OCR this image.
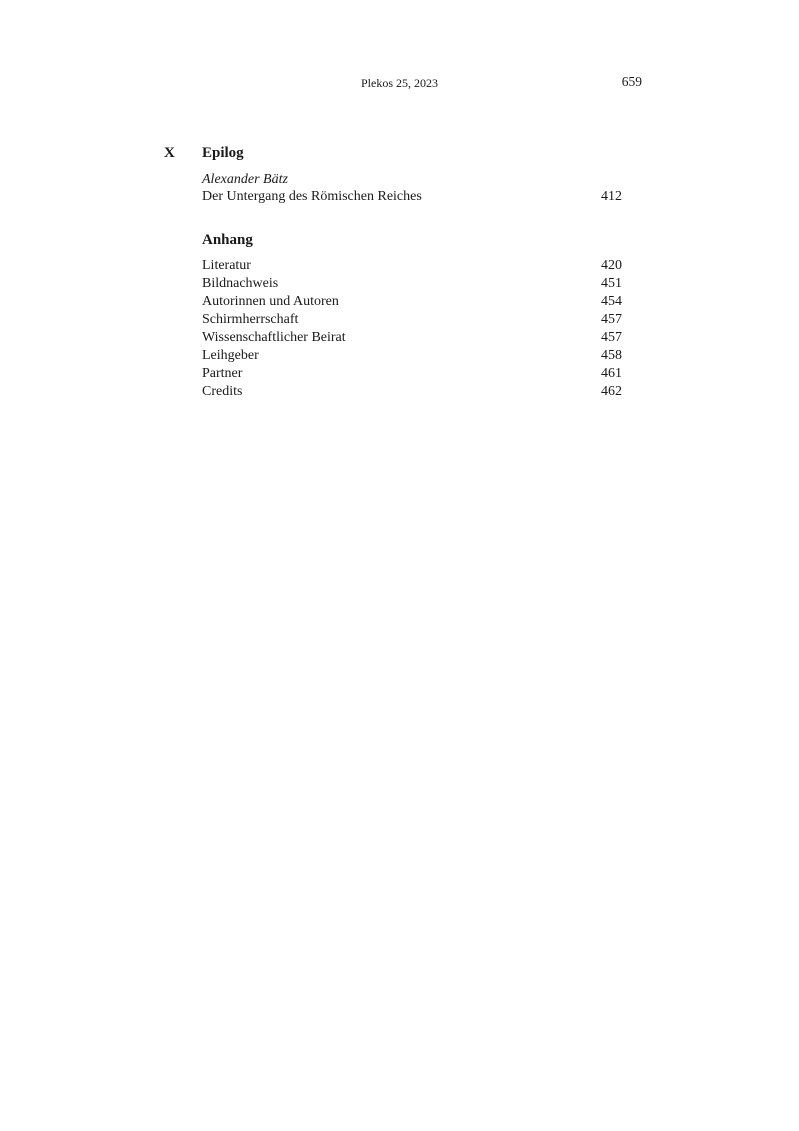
Plekos 25, 2023	659
X Epilog
Alexander Bätz
Der Untergang des Römischen Reiches	412
Anhang
Literatur	420
Bildnachweis	451
Autorinnen und Autoren	454
Schirmherrschaft	457
Wissenschaftlicher Beirat	457
Leihgeber	458
Partner	461
Credits	462
